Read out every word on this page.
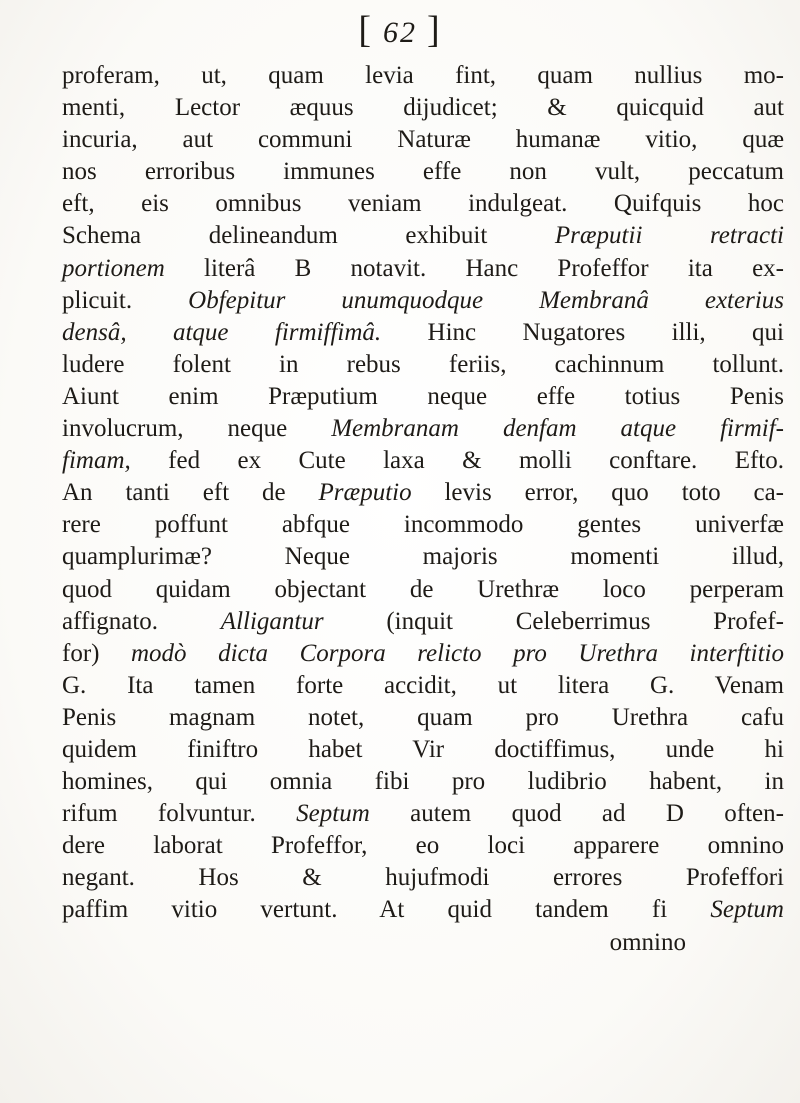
[ 62 ]
proferam, ut, quam levia fint, quam nullius mo-
menti, Lector æquus dijudicet; & quicquid aut
incuria, aut communi Naturæ humanæ vitio, quæ
nos erroribus immunes effe non vult, peccatum
eft, eis omnibus veniam indulgeat. Quifquis hoc
Schema delineandum exhibuit Præputii retracti
portionem literâ B notavit. Hanc Profeffor ita ex-
plicuit. Obfepitur unumquodque Membranâ exterius
densâ, atque firmiffimâ. Hinc Nugatores illi, qui
ludere folent in rebus feriis, cachinnum tollunt.
Aiunt enim Præputium neque effe totius Penis
involucrum, neque Membranam denfam atque firmif-
fimam, fed ex Cute laxa & molli conftare. Efto.
An tanti eft de Præputio levis error, quo toto ca-
rere poffunt abfque incommodo gentes univerfæ
quamplurimæ? Neque majoris momenti illud,
quod quidam objectant de Urethræ loco perperam
affignato. Alligantur (inquit Celeberrimus Profef-
for) modò dicta Corpora relicto pro Urethra interftitio
G. Ita tamen forte accidit, ut litera G. Venam
Penis magnam notet, quam pro Urethra cafu
quidem finiftro habet Vir doctiffimus, unde hi
homines, qui omnia fibi pro ludibrio habent, in
rifum folvuntur. Septum autem quod ad D often-
dere laborat Profeffor, eo loci apparere omnino
negant. Hos & hujufmodi errores Profeffori
paffim vitio vertunt. At quid tandem fi Septum
omnino
